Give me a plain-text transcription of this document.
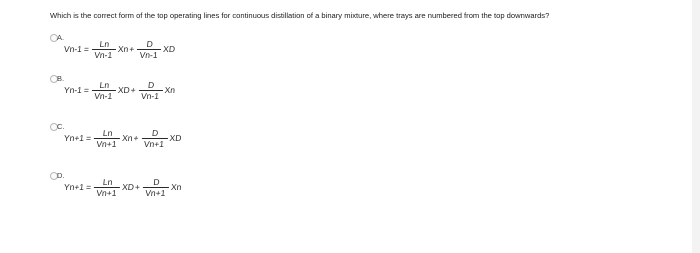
Which is the correct form of the top operating lines for continuous distillation of a binary mixture, where trays are numbered from the top downwards?
A.
$Vn-1 = \frac{Ln}{Vn-1}$ $Xn + \frac{D}{Vn-1}$ XD
B.
$Yn-1 = \frac{Ln}{Vn-1}$ XD + $\frac{D}{Vn-1}$ Xn
C.
$Yn+1 = \frac{Ln}{Vn+1}$ $Xn + \frac{D}{Vn+1}$ XD
D.
$Yn+1 = \frac{Ln}{Vn+1}$ XD + $\frac{D}{Vn+1}$ Xn
